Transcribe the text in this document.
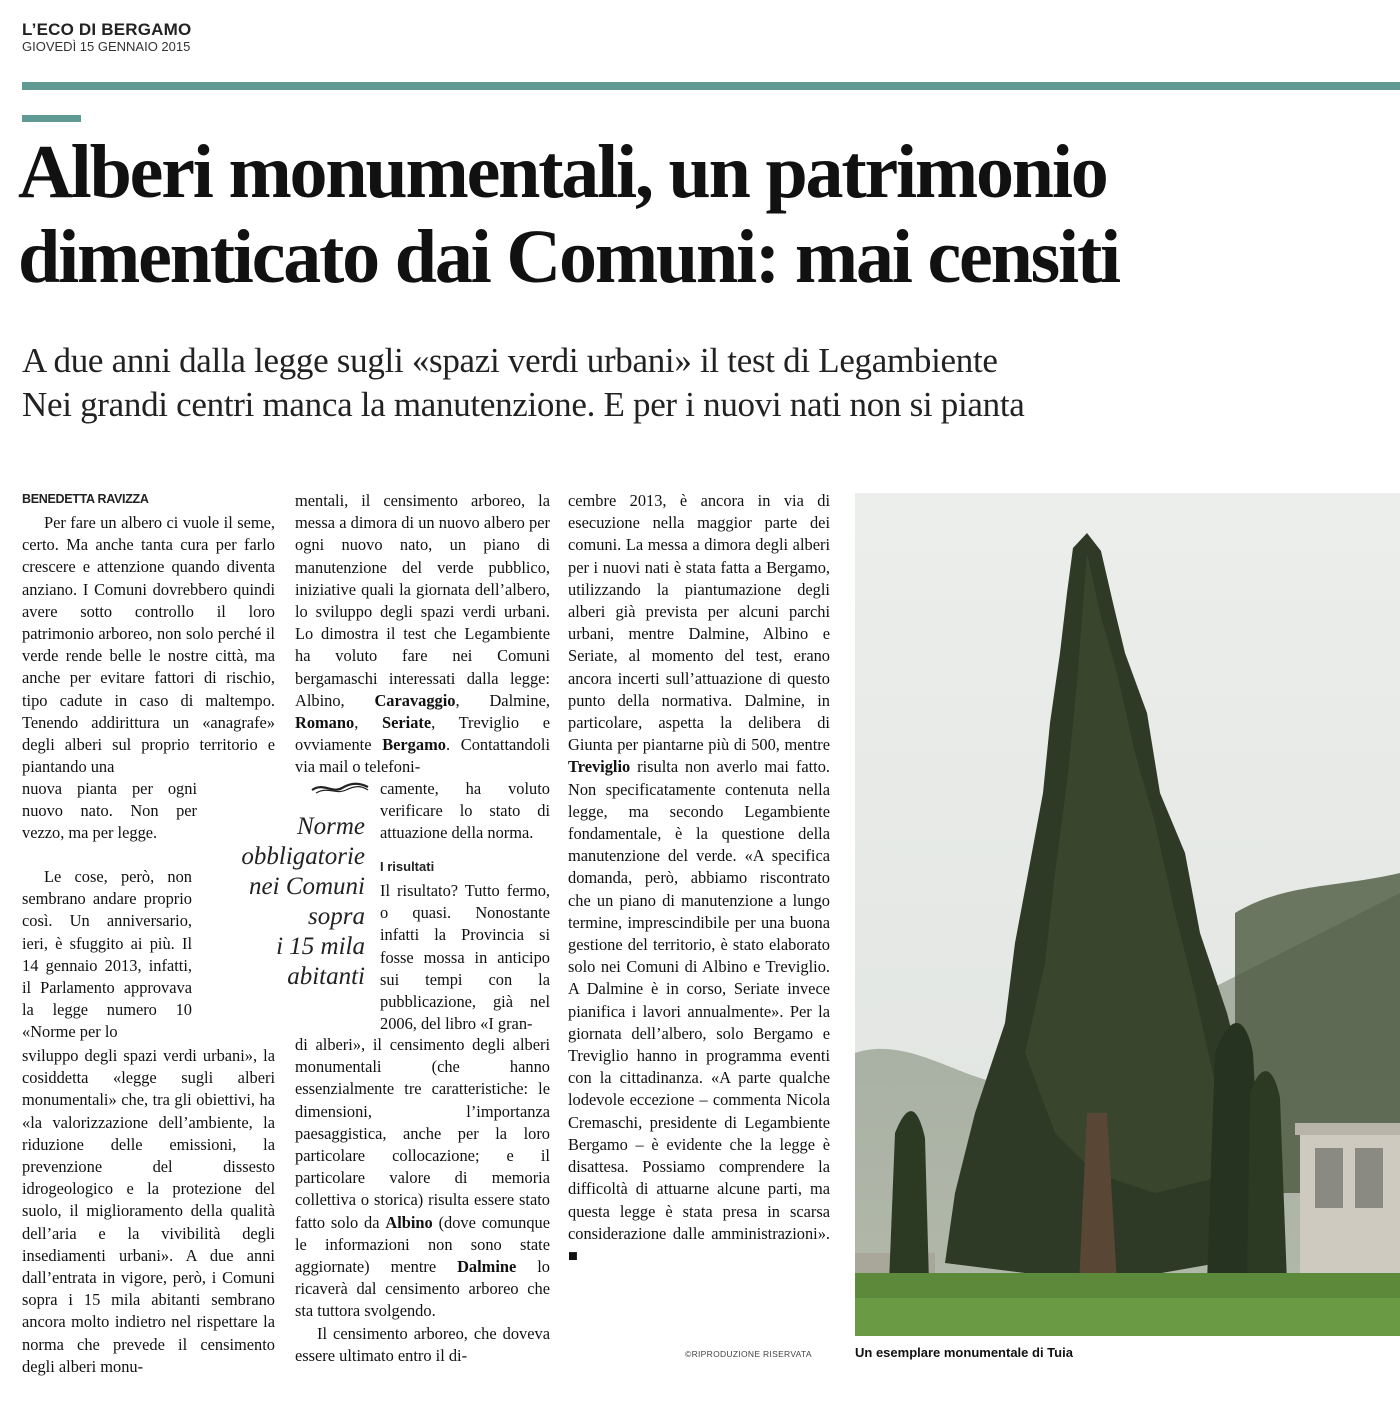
L’ECO DI BERGAMO
GIOVEDÌ 15 GENNAIO 2015
Alberi monumentali, un patrimonio
dimenticato dai Comuni: mai censiti
A due anni dalla legge sugli «spazi verdi urbani» il test di Legambiente
Nei grandi centri manca la manutenzione. E per i nuovi nati non si pianta
BENEDETTA RAVIZZA
Per fare un albero ci vuole il seme, certo. Ma anche tanta cura per farlo crescere e attenzione quando diventa anziano. I Comuni dovrebbero quindi avere sotto controllo il loro patrimonio arboreo, non solo perché il verde rende belle le nostre città, ma anche per evitare fattori di rischio, tipo cadute in caso di maltempo. Tenendo addirittura un «anagrafe» degli alberi sul proprio territorio e piantando una
nuova pianta per ogni nuovo nato. Non per vezzo, ma per legge.
Le cose, però, non sembrano andare proprio così. Un anniversario, ieri, è sfuggito ai più. Il 14 gennaio 2013, infatti, il Parlamento approvava la legge numero 10 «Norme per lo
sviluppo degli spazi verdi urbani», la cosiddetta «legge sugli alberi monumentali» che, tra gli obiettivi, ha «la valorizzazione dell’ambiente, la riduzione delle emissioni, la prevenzione del dissesto idrogeologico e la protezione del suolo, il miglioramento della qualità dell’aria e la vivibilità degli insediamenti urbani». A due anni dall’entrata in vigore, però, i Comuni sopra i 15 mila abitanti sembrano ancora molto indietro nel rispettare la norma che prevede il censimento degli alberi monu-
mentali, il censimento arboreo, la messa a dimora di un nuovo albero per ogni nuovo nato, un piano di manutenzione del verde pubblico, iniziative quali la giornata dell’albero, lo sviluppo degli spazi verdi urbani. Lo dimostra il test che Legambiente ha voluto fare nei Comuni bergamaschi interessati dalla legge: Albino, Caravaggio, Dalmine, Romano, Seriate, Treviglio e ovviamente Bergamo. Contattandoli via mail o telefoni-
camente, ha voluto verificare lo stato di attuazione della norma.
Norme
obbligatorie
nei Comuni
sopra
i 15 mila
abitanti
I risultati
Il risultato? Tutto fermo, o quasi. Nonostante infatti la Provincia si fosse mossa in anticipo sui tempi con la pubblicazione, già nel 2006, del libro «I gran-
di alberi», il censimento degli alberi monumentali (che hanno essenzialmente tre caratteristiche: le dimensioni, l’importanza paesaggistica, anche per la loro particolare collocazione; e il particolare valore di memoria collettiva o storica) risulta essere stato fatto solo da Albino (dove comunque le informazioni non sono state aggiornate) mentre Dalmine lo ricaverà dal censimento arboreo che sta tuttora svolgendo.
Il censimento arboreo, che doveva essere ultimato entro il di-
cembre 2013, è ancora in via di esecuzione nella maggior parte dei comuni. La messa a dimora degli alberi per i nuovi nati è stata fatta a Bergamo, utilizzando la piantumazione degli alberi già prevista per alcuni parchi urbani, mentre Dalmine, Albino e Seriate, al momento del test, erano ancora incerti sull’attuazione di questo punto della normativa. Dalmine, in particolare, aspetta la delibera di Giunta per piantarne più di 500, mentre Treviglio risulta non averlo mai fatto. Non specificatamente contenuta nella legge, ma secondo Legambiente fondamentale, è la questione della manutenzione del verde. «A specifica domanda, però, abbiamo riscontrato che un piano di manutenzione a lungo termine, imprescindibile per una buona gestione del territorio, è stato elaborato solo nei Comuni di Albino e Treviglio. A Dalmine è in corso, Seriate invece pianifica i lavori annualmente». Per la giornata dell’albero, solo Bergamo e Treviglio hanno in programma eventi con la cittadinanza. «A parte qualche lodevole eccezione – commenta Nicola Cremaschi, presidente di Legambiente Bergamo – è evidente che la legge è disattesa. Possiamo comprendere la difficoltà di attuarne alcune parti, ma questa legge è stata presa in scarsa considerazione dalle amministrazioni». ■
©RIPRODUZIONE RISERVATA	Un esemplare monumentale di Tuia
